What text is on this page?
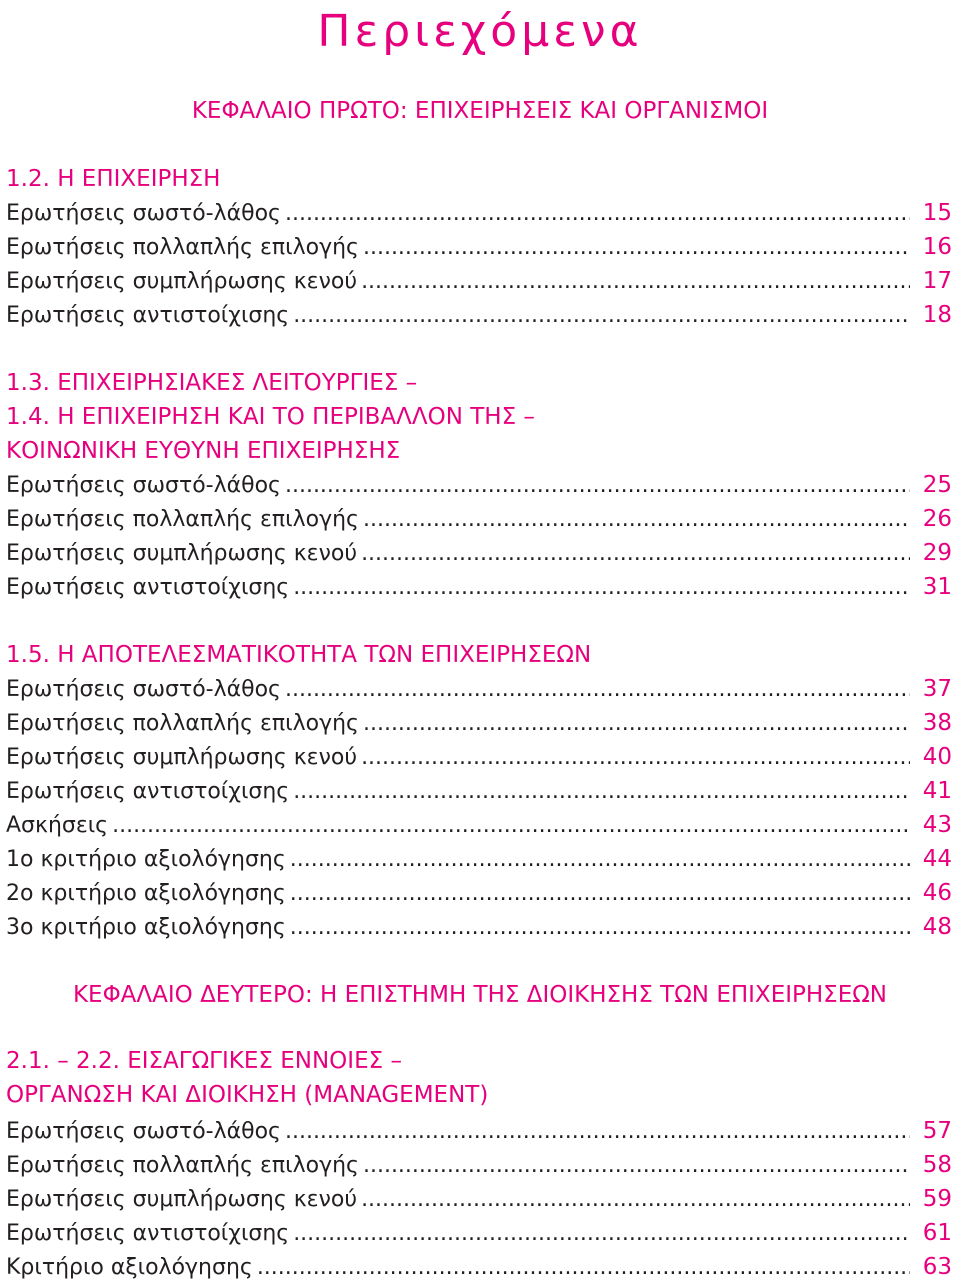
Περιεχόμενα
ΚΕΦΑΛΑΙΟ ΠΡΩΤΟ: ΕΠΙΧΕΙΡΗΣΕΙΣ ΚΑΙ ΟΡΓΑΝΙΣΜΟΙ
1.2. Η ΕΠΙΧΕΙΡΗΣΗ
Ερωτήσεις σωστό-λάθος .....	15
Ερωτήσεις πολλαπλής επιλογής .....	16
Ερωτήσεις συμπλήρωσης κενού .....	17
Ερωτήσεις αντιστοίχισης .....	18
1.3. ΕΠΙΧΕΙΡΗΣΙΑΚΕΣ ΛΕΙΤΟΥΡΓΙΕΣ –
1.4. Η ΕΠΙΧΕΙΡΗΣΗ ΚΑΙ ΤΟ ΠΕΡΙΒΑΛΛΟΝ ΤΗΣ –
ΚΟΙΝΩΝΙΚΗ ΕΥΘΥΝΗ ΕΠΙΧΕΙΡΗΣΗΣ
Ερωτήσεις σωστό-λάθος .....	25
Ερωτήσεις πολλαπλής επιλογής .....	26
Ερωτήσεις συμπλήρωσης κενού .....	29
Ερωτήσεις αντιστοίχισης .....	31
1.5. Η ΑΠΟΤΕΛΕΣΜΑΤΙΚΟΤΗΤΑ ΤΩΝ ΕΠΙΧΕΙΡΗΣΕΩΝ
Ερωτήσεις σωστό-λάθος .....	37
Ερωτήσεις πολλαπλής επιλογής .....	38
Ερωτήσεις συμπλήρωσης κενού .....	40
Ερωτήσεις αντιστοίχισης .....	41
Ασκήσεις .....	43
1ο κριτήριο αξιολόγησης .....	44
2ο κριτήριο αξιολόγησης .....	46
3ο κριτήριο αξιολόγησης .....	48
ΚΕΦΑΛΑΙΟ ΔΕΥΤΕΡΟ: Η ΕΠΙΣΤΗΜΗ ΤΗΣ ΔΙΟΙΚΗΣΗΣ ΤΩΝ ΕΠΙΧΕΙΡΗΣΕΩΝ
2.1. – 2.2. ΕΙΣΑΓΩΓΙΚΕΣ ΕΝΝΟΙΕΣ –
ΟΡΓΑΝΩΣΗ ΚΑΙ ΔΙΟΙΚΗΣΗ (MANAGEMENT)
Ερωτήσεις σωστό-λάθος .....	57
Ερωτήσεις πολλαπλής επιλογής .....	58
Ερωτήσεις συμπλήρωσης κενού .....	59
Ερωτήσεις αντιστοίχισης .....	61
Κριτήριο αξιολόγησης .....	63
